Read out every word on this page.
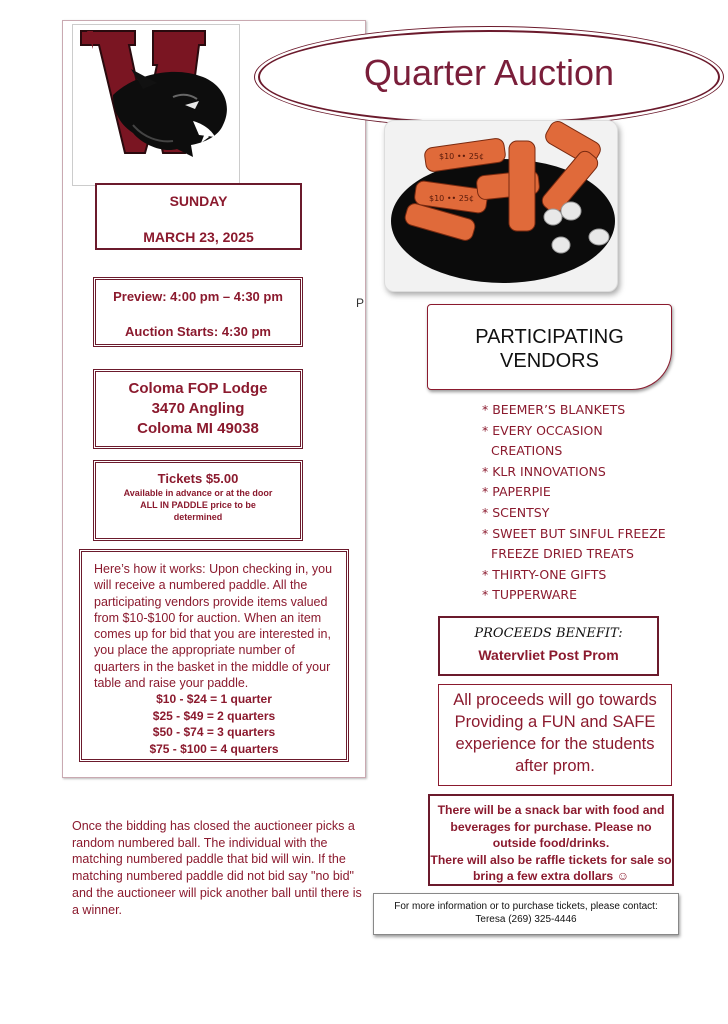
Quarter Auction
$10 •• 25¢
$10 •• 25¢
P
SUNDAY
MARCH 23, 2025
Preview: 4:00 pm – 4:30 pm
Auction Starts: 4:30 pm
Coloma FOP Lodge
3470 Angling
Coloma MI 49038
Tickets $5.00
Available in advance or at the door
ALL IN PADDLE price to be
determined
Here’s how it works: Upon checking in, you will receive a numbered paddle. All the participating vendors provide items valued from $10-$100 for auction. When an item comes up for bid that you are interested in, you place the appropriate number of quarters in the basket in the middle of your table and raise your paddle.
$10 - $24 = 1 quarter
$25 - $49 = 2 quarters
$50 - $74 = 3 quarters
$75 - $100 = 4 quarters
Once the bidding has closed the auctioneer picks a random numbered ball. The individual with the matching numbered paddle that bid will win. If the matching numbered paddle did not bid say "no bid" and the auctioneer will pick another ball until there is a winner.
PARTICIPATING
VENDORS
* BEEMER’S BLANKETS
* EVERY OCCASION
CREATIONS
* KLR INNOVATIONS
* PAPERPIE
* SCENTSY
* SWEET BUT SINFUL FREEZE
FREEZE DRIED TREATS
* THIRTY-ONE GIFTS
* TUPPERWARE
PROCEEDS BENEFIT:
Watervliet Post Prom
All proceeds will go towards Providing a FUN and SAFE experience for the students after prom.
There will be a snack bar with food and beverages for purchase. Please no outside food/drinks.
There will also be raffle tickets for sale so bring a few extra dollars ☺
For more information or to purchase tickets, please contact: Teresa (269) 325-4446
